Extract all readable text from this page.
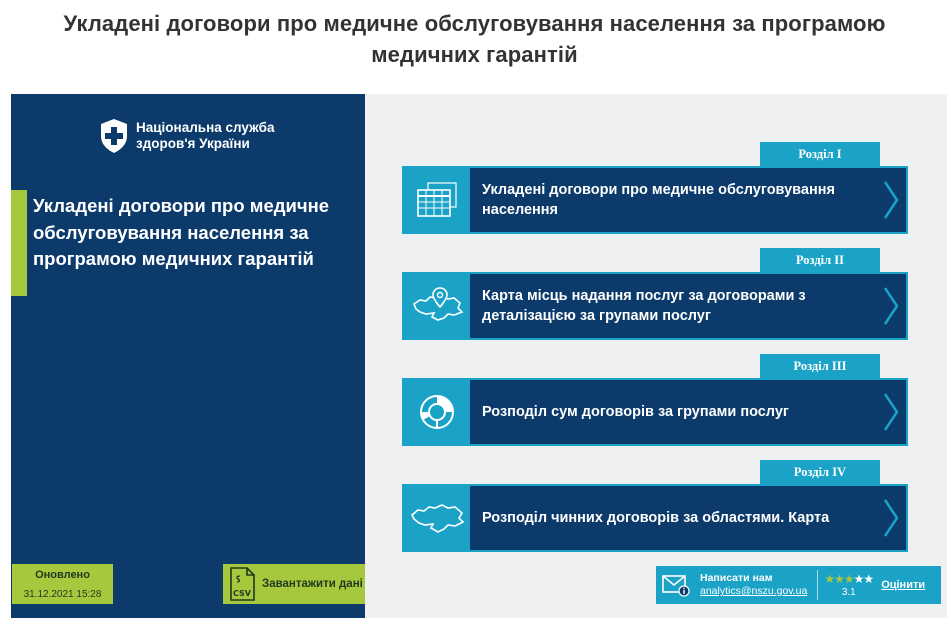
Укладені договори про медичне обслуговування населення за програмою
медичних гарантій
Національна служба
здоров'я України
Укладені договори про медичне обслуговування населення за програмою медичних гарантій
Оновлено
31.12.2021 15:28	CSV
Завантажити дані
Розділ I
Укладені договори про медичне обслуговування населення
Розділ II
Карта місць надання послуг за договорами з деталізацією за групами послуг
Розділ III
Розподіл сум договорів за групами послуг
Розділ IV
Розподіл чинних договорів за областями. Карта
Написати нам
analytics@nszu.gov.ua
★★★★★
3.1
Оцінити
